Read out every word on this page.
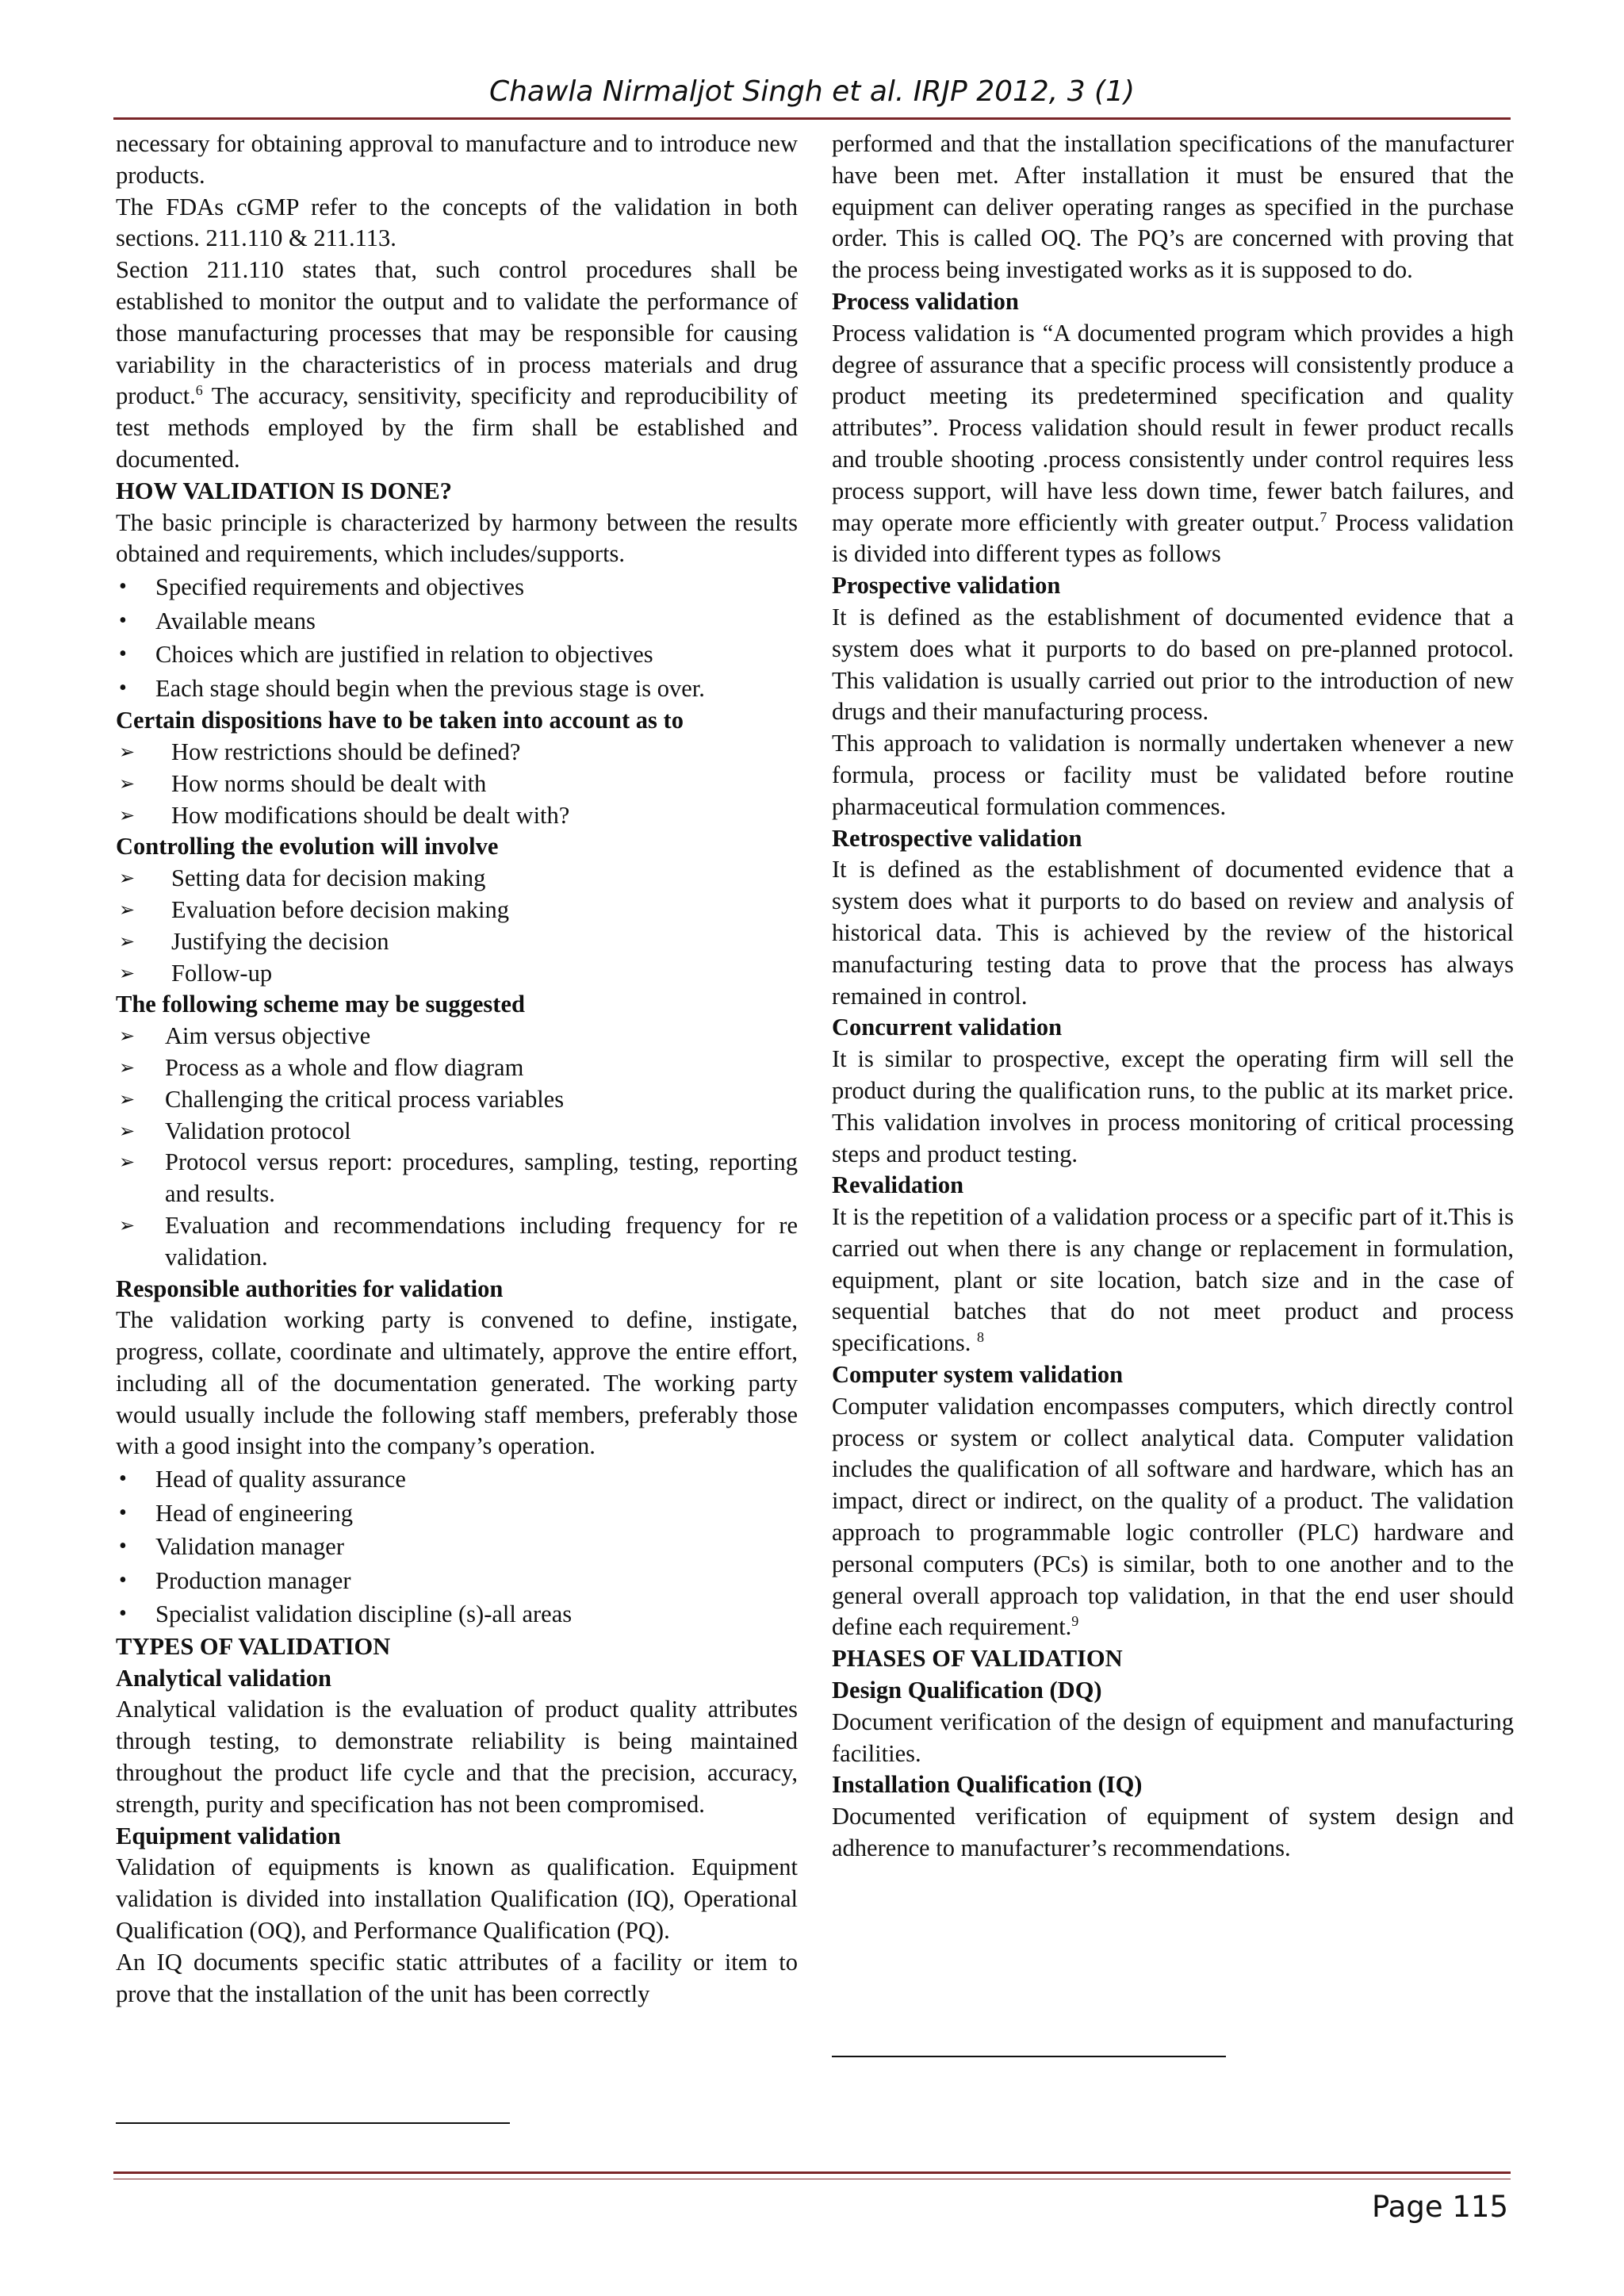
Chawla Nirmaljot Singh et al. IRJP 2012, 3 (1)

necessary for obtaining approval to manufacture and to introduce new products.

The FDAs cGMP refer to the concepts of the validation in both sections. 211.110 & 211.113.

Section 211.110 states that, such control procedures shall be established to monitor the output and to validate the performance of those manufacturing processes that may be responsible for causing variability in the characteristics of in process materials and drug product.$^6$ The accuracy, sensitivity, specificity and reproducibility of test methods employed by the firm shall be established and documented.

HOW VALIDATION IS DONE?

The basic principle is characterized by harmony between the results obtained and requirements, which includes/supports.

• Specified requirements and objectives
• Available means
• Choices which are justified in relation to objectives
• Each stage should begin when the previous stage is over.
Certain dispositions have to be taken into account as to
➢ How restrictions should be defined?
➢ How norms should be dealt with
➢ How modifications should be dealt with?
Controlling the evolution will involve
➢ Setting data for decision making
➢ Evaluation before decision making
➢ Justifying the decision
➢ Follow-up
The following scheme may be suggested
➢ Aim versus objective
➢ Process as a whole and flow diagram
➢ Challenging the critical process variables
➢ Validation protocol
➢ Protocol versus report: procedures, sampling, testing, reporting and results.
➢ Evaluation and recommendations including frequency for re validation.
Responsible authorities for validation

The validation working party is convened to define, instigate, progress, collate, coordinate and ultimately, approve the entire effort, including all of the documentation generated. The working party would usually include the following staff members, preferably those with a good insight into the company’s operation.

• Head of quality assurance
• Head of engineering
• Validation manager
• Production manager
• Specialist validation discipline (s)-all areas
TYPES OF VALIDATION
Analytical validation

Analytical validation is the evaluation of product quality attributes through testing, to demonstrate reliability is being maintained throughout the product life cycle and that the precision, accuracy, strength, purity and specification has not been compromised.

Equipment validation

Validation of equipments is known as qualification. Equipment validation is divided into installation Qualification (IQ), Operational Qualification (OQ), and Performance Qualification (PQ).

An IQ documents specific static attributes of a facility or item to prove that the installation of the unit has been correctly

performed and that the installation specifications of the manufacturer have been met. After installation it must be ensured that the equipment can deliver operating ranges as specified in the purchase order. This is called OQ. The PQ’s are concerned with proving that the process being investigated works as it is supposed to do.

Process validation

Process validation is “A documented program which provides a high degree of assurance that a specific process will consistently produce a product meeting its predetermined specification and quality attributes”. Process validation should result in fewer product recalls and trouble shooting .process consistently under control requires less process support, will have less down time, fewer batch failures, and may operate more efficiently with greater output.$^7$ Process validation is divided into different types as follows

Prospective validation

It is defined as the establishment of documented evidence that a system does what it purports to do based on pre-planned protocol. This validation is usually carried out prior to the introduction of new drugs and their manufacturing process.

This approach to validation is normally undertaken whenever a new formula, process or facility must be validated before routine pharmaceutical formulation commences.

Retrospective validation

It is defined as the establishment of documented evidence that a system does what it purports to do based on review and analysis of historical data. This is achieved by the review of the historical manufacturing testing data to prove that the process has always remained in control.

Concurrent validation

It is similar to prospective, except the operating firm will sell the product during the qualification runs, to the public at its market price. This validation involves in process monitoring of critical processing steps and product testing.

Revalidation

It is the repetition of a validation process or a specific part of it.This is carried out when there is any change or replacement in formulation, equipment, plant or site location, batch size and in the case of sequential batches that do not meet product and process specifications. $^8$

Computer system validation

Computer validation encompasses computers, which directly control process or system or collect analytical data. Computer validation includes the qualification of all software and hardware, which has an impact, direct or indirect, on the quality of a product. The validation approach to programmable logic controller (PLC) hardware and personal computers (PCs) is similar, both to one another and to the general overall approach top validation, in that the end user should define each requirement.$^9$

PHASES OF VALIDATION
Design Qualification (DQ)

Document verification of the design of equipment and manufacturing facilities.

Installation Qualification (IQ)

Documented verification of equipment of system design and adherence to manufacturer’s recommendations.

Page 115
